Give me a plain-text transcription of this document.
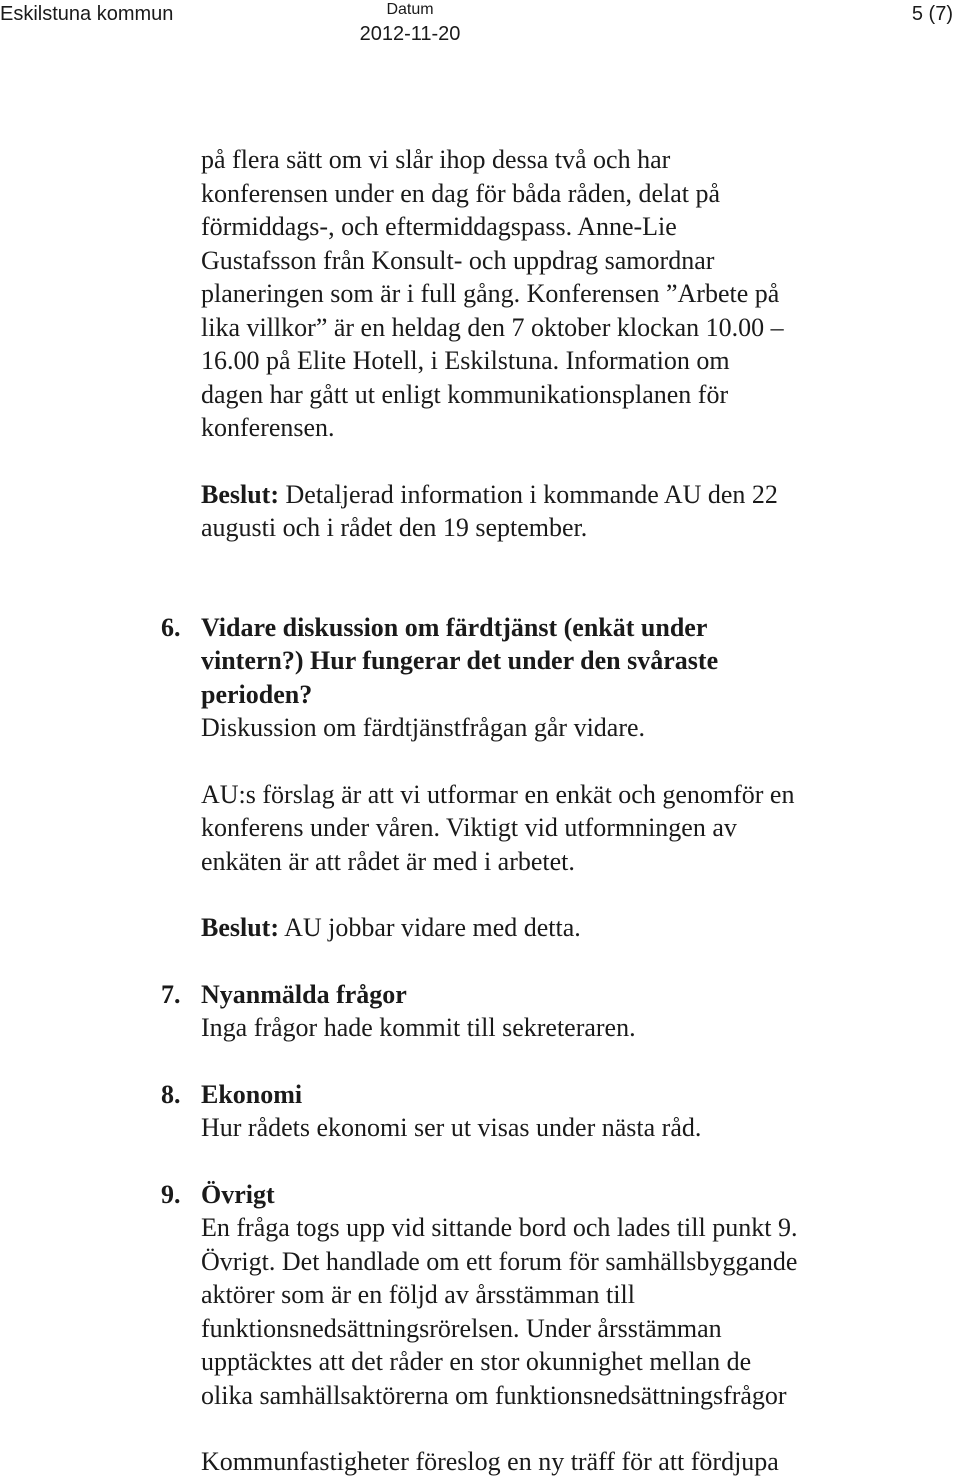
Eskilstuna kommun	Datum
2012-11-20
5 (7)

på flera sätt om vi slår ihop dessa två och har

konferensen under en dag för båda råden, delat på

förmiddags-, och eftermiddagspass. Anne-Lie

Gustafsson från Konsult- och uppdrag samordnar

planeringen som är i full gång. Konferensen ”Arbete på

lika villkor” är en heldag den 7 oktober klockan 10.00 –

16.00 på Elite Hotell, i Eskilstuna. Information om

dagen har gått ut enligt kommunikationsplanen för

konferensen.

Beslut: Detaljerad information i kommande AU den 22

augusti och i rådet den 19 september.

6. Vidare diskussion om färdtjänst (enkät under

vintern?) Hur fungerar det under den svåraste

perioden?

Diskussion om färdtjänstfrågan går vidare.

AU:s förslag är att vi utformar en enkät och genomför en

konferens under våren. Viktigt vid utformningen av

enkäten är att rådet är med i arbetet.

Beslut: AU jobbar vidare med detta.

7. Nyanmälda frågor

Inga frågor hade kommit till sekreteraren.

8. Ekonomi

Hur rådets ekonomi ser ut visas under nästa råd.

9. Övrigt

En fråga togs upp vid sittande bord och lades till punkt 9.

Övrigt. Det handlade om ett forum för samhällsbyggande

aktörer som är en följd av årsstämman till

funktionsnedsättningsrörelsen. Under årsstämman

upptäcktes att det råder en stor okunnighet mellan de

olika samhällsaktörerna om funktionsnedsättningsfrågor

Kommunfastigheter föreslog en ny träff för att fördjupa
